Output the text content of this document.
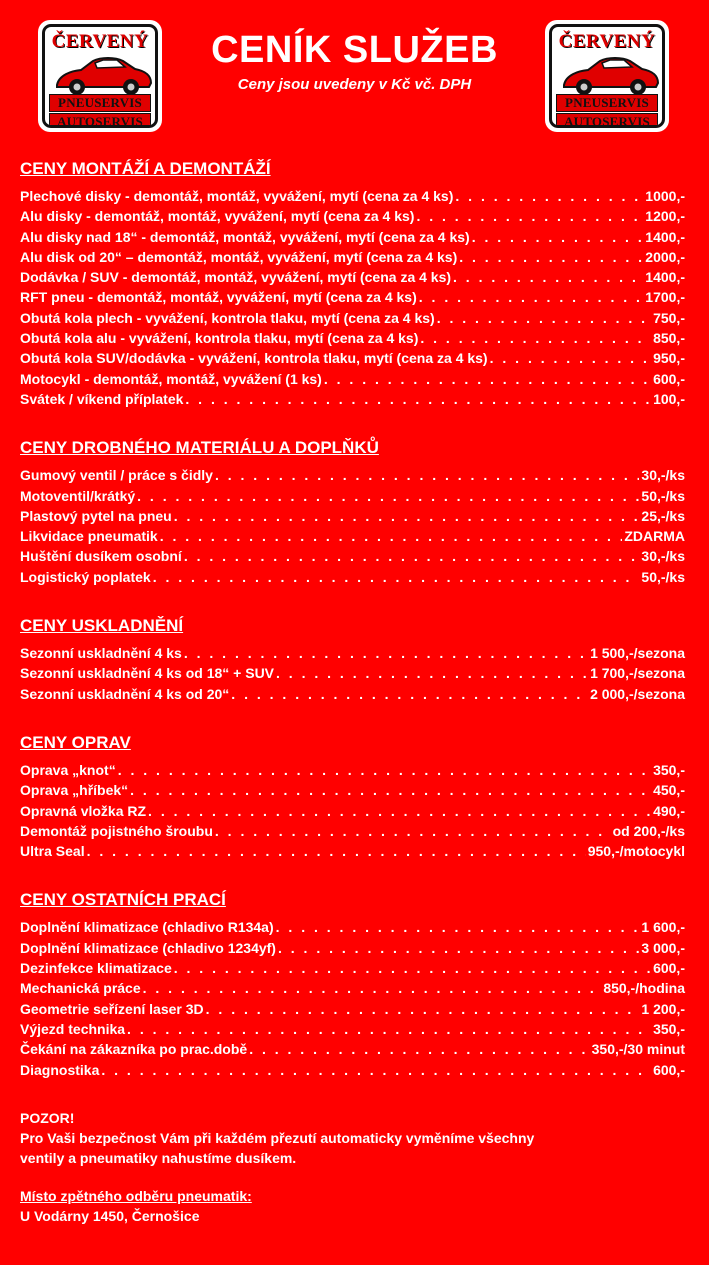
ČERVENÝ
PNEUSERVIS
AUTOSERVIS
CENÍK SLUŽEB
Ceny jsou uvedeny v Kč vč. DPH
ČERVENÝ
PNEUSERVIS
AUTOSERVIS
CENY MONTÁŽÍ A DEMONTÁŽÍ
Plechové disky - demontáž, montáž, vyvážení, mytí (cena za 4 ks) . . .	1000,-
Alu disky - demontáž, montáž, vyvážení, mytí (cena za 4 ks) . . .	1200,-
Alu disky nad 18“ - demontáž, montáž, vyvážení, mytí (cena za 4 ks) . . .	1400,-
Alu disk od 20“ – demontáž, montáž, vyvážení, mytí (cena za 4 ks) . . .	2000,-
Dodávka / SUV - demontáž, montáž, vyvážení, mytí (cena za 4 ks) . . .	1400,-
RFT pneu - demontáž, montáž, vyvážení, mytí (cena za 4 ks) . . .	1700,-
Obutá kola plech - vyvážení, kontrola tlaku, mytí (cena za 4 ks) . . .	750,-
Obutá kola alu - vyvážení, kontrola tlaku, mytí (cena za 4 ks) . . .	850,-
Obutá kola SUV/dodávka - vyvážení, kontrola tlaku, mytí (cena za 4 ks) . . .	950,-
Motocykl - demontáž, montáž, vyvážení (1 ks) . . .	600,-
Svátek / víkend příplatek . . .	100,-
CENY DROBNÉHO MATERIÁLU A DOPLŇKŮ
Gumový ventil / práce s čidly . . .	30,-/ks
Motoventil/krátký . . .	50,-/ks
Plastový pytel na pneu . . .	25,-/ks
Likvidace pneumatik . . .	ZDARMA
Huštění dusíkem osobní . . .	30,-/ks
Logistický poplatek . . .	50,-/ks
CENY USKLADNĚNÍ
Sezonní uskladnění 4 ks . . .	1 500,-/sezona
Sezonní uskladnění 4 ks od 18“ + SUV . . .	1 700,-/sezona
Sezonní uskladnění 4 ks od 20“ . . .	2 000,-/sezona
CENY OPRAV
Oprava „knot“ . . .	350,-
Oprava „hříbek“ . . .	450,-
Opravná vložka RZ . . .	490,-
Demontáž pojistného šroubu . . .	od 200,-/ks
Ultra Seal . . .	950,-/motocykl
CENY OSTATNÍCH PRACÍ
Doplnění klimatizace (chladivo R134a) . . .	1 600,-
Doplnění klimatizace (chladivo 1234yf) . . .	3 000,-
Dezinfekce klimatizace . . .	600,-
Mechanická práce . . .	850,-/hodina
Geometrie seřízení laser 3D . . .	1 200,-
Výjezd technika . . .	350,-
Čekání na zákazníka po prac.době . . .	350,-/30 minut
Diagnostika . . .	600,-
POZOR!
Pro Vaši bezpečnost Vám při každém přezutí automaticky vyměníme všechny
ventily a pneumatiky nahustíme dusíkem.
Místo zpětného odběru pneumatik:
U Vodárny 1450, Černošice
